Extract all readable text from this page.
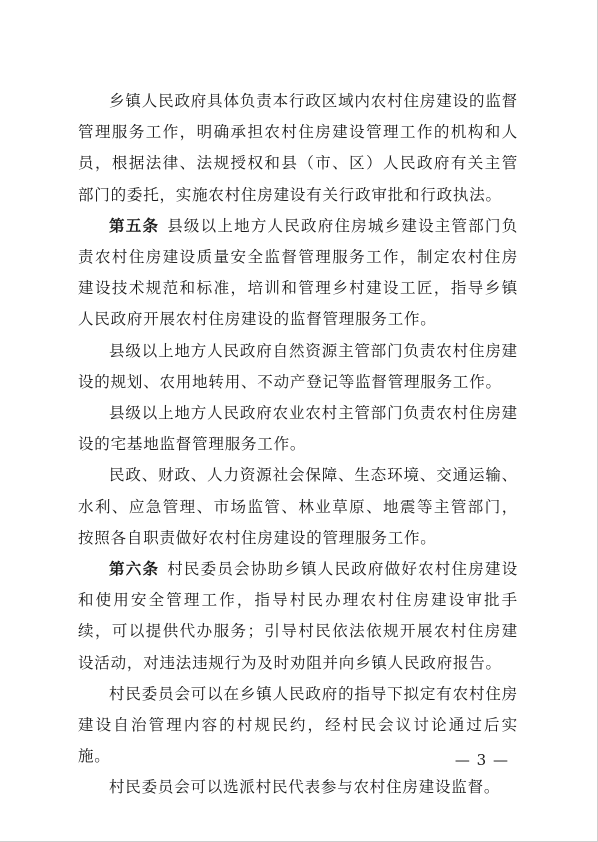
乡镇人民政府具体负责本行政区域内农村住房建设的监督管理服务工作，明确承担农村住房建设管理工作的机构和人员，根据法律、法规授权和县（市、区）人民政府有关主管部门的委托，实施农村住房建设有关行政审批和行政执法。

第五条 县级以上地方人民政府住房城乡建设主管部门负责农村住房建设质量安全监督管理服务工作，制定农村住房建设技术规范和标准，培训和管理乡村建设工匠，指导乡镇人民政府开展农村住房建设的监督管理服务工作。

县级以上地方人民政府自然资源主管部门负责农村住房建设的规划、农用地转用、不动产登记等监督管理服务工作。

县级以上地方人民政府农业农村主管部门负责农村住房建设的宅基地监督管理服务工作。

民政、财政、人力资源社会保障、生态环境、交通运输、水利、应急管理、市场监管、林业草原、地震等主管部门，按照各自职责做好农村住房建设的管理服务工作。

第六条 村民委员会协助乡镇人民政府做好农村住房建设和使用安全管理工作，指导村民办理农村住房建设审批手续，可以提供代办服务；引导村民依法依规开展农村住房建设活动，对违法违规行为及时劝阻并向乡镇人民政府报告。

村民委员会可以在乡镇人民政府的指导下拟定有农村住房建设自治管理内容的村规民约，经村民会议讨论通过后实施。

村民委员会可以选派村民代表参与农村住房建设监督。

— 3 —
